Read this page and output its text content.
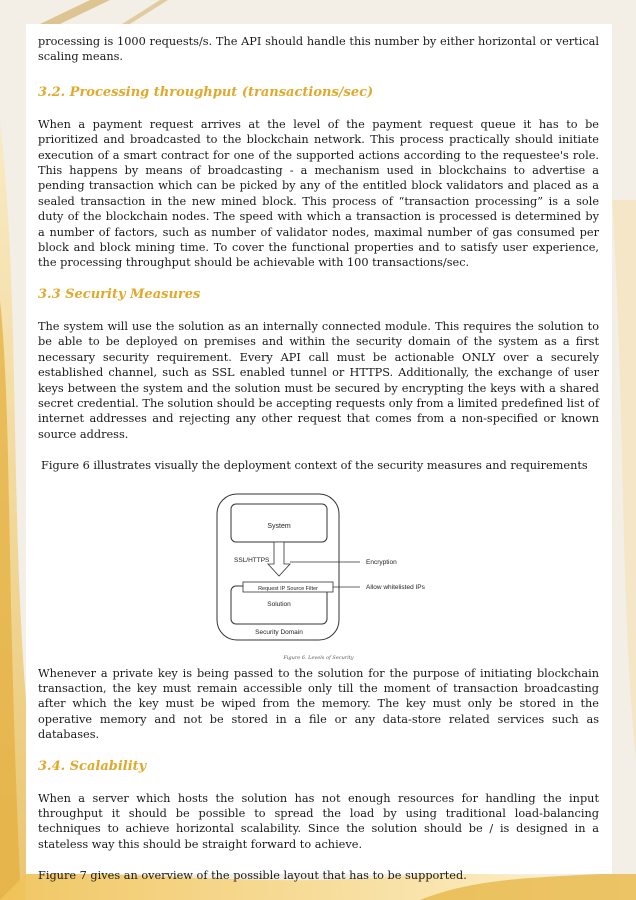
processing is 1000 requests/s. The API should handle this number by either horizontal or vertical scaling means.

3.2. Processing throughput (transactions/sec)

When a payment request arrives at the level of the payment request queue it has to be prioritized and broadcasted to the blockchain network. This process practically should initiate execution of a smart contract for one of the supported actions according to the requestee's role. This happens by means of broadcasting - a mechanism used in blockchains to advertise a pending transaction which can be picked by any of the entitled block validators and placed as a sealed transaction in the new mined block. This process of “transaction processing” is a sole duty of the blockchain nodes. The speed with which a transaction is processed is determined by a number of factors, such as number of validator nodes, maximal number of gas consumed per block and block mining time. To cover the functional properties and to satisfy user experience, the processing throughput should be achievable with 100 transactions/sec.

3.3 Security Measures

The system will use the solution as an internally connected module. This requires the solution to be able to be deployed on premises and within the security domain of the system as a first necessary security requirement. Every API call must be actionable ONLY over a securely established channel, such as SSL enabled tunnel or HTTPS. Additionally, the exchange of user keys between the system and the solution must be secured by encrypting the keys with a shared secret credential. The solution should be accepting requests only from a limited predefined list of internet addresses and rejecting any other request that comes from a non-specified or known source address.

Figure 6 illustrates visually the deployment context of the security measures and requirements

System
SSL/HTTPS	Encryption
Request IP Source Filter	Allow whitelisted IPs
Solution
Security Domain
Figure 6. Levels of Security

Whenever a private key is being passed to the solution for the purpose of initiating blockchain transaction, the key must remain accessible only till the moment of transaction broadcasting after which the key must be wiped from the memory. The key must only be stored in the operative memory and not be stored in a file or any data-store related services such as databases.

3.4. Scalability

When a server which hosts the solution has not enough resources for handling the input throughput it should be possible to spread the load by using traditional load-balancing techniques to achieve horizontal scalability. Since the solution should be / is designed in a stateless way this should be straight forward to achieve.

Figure 7 gives an overview of the possible layout that has to be supported.
